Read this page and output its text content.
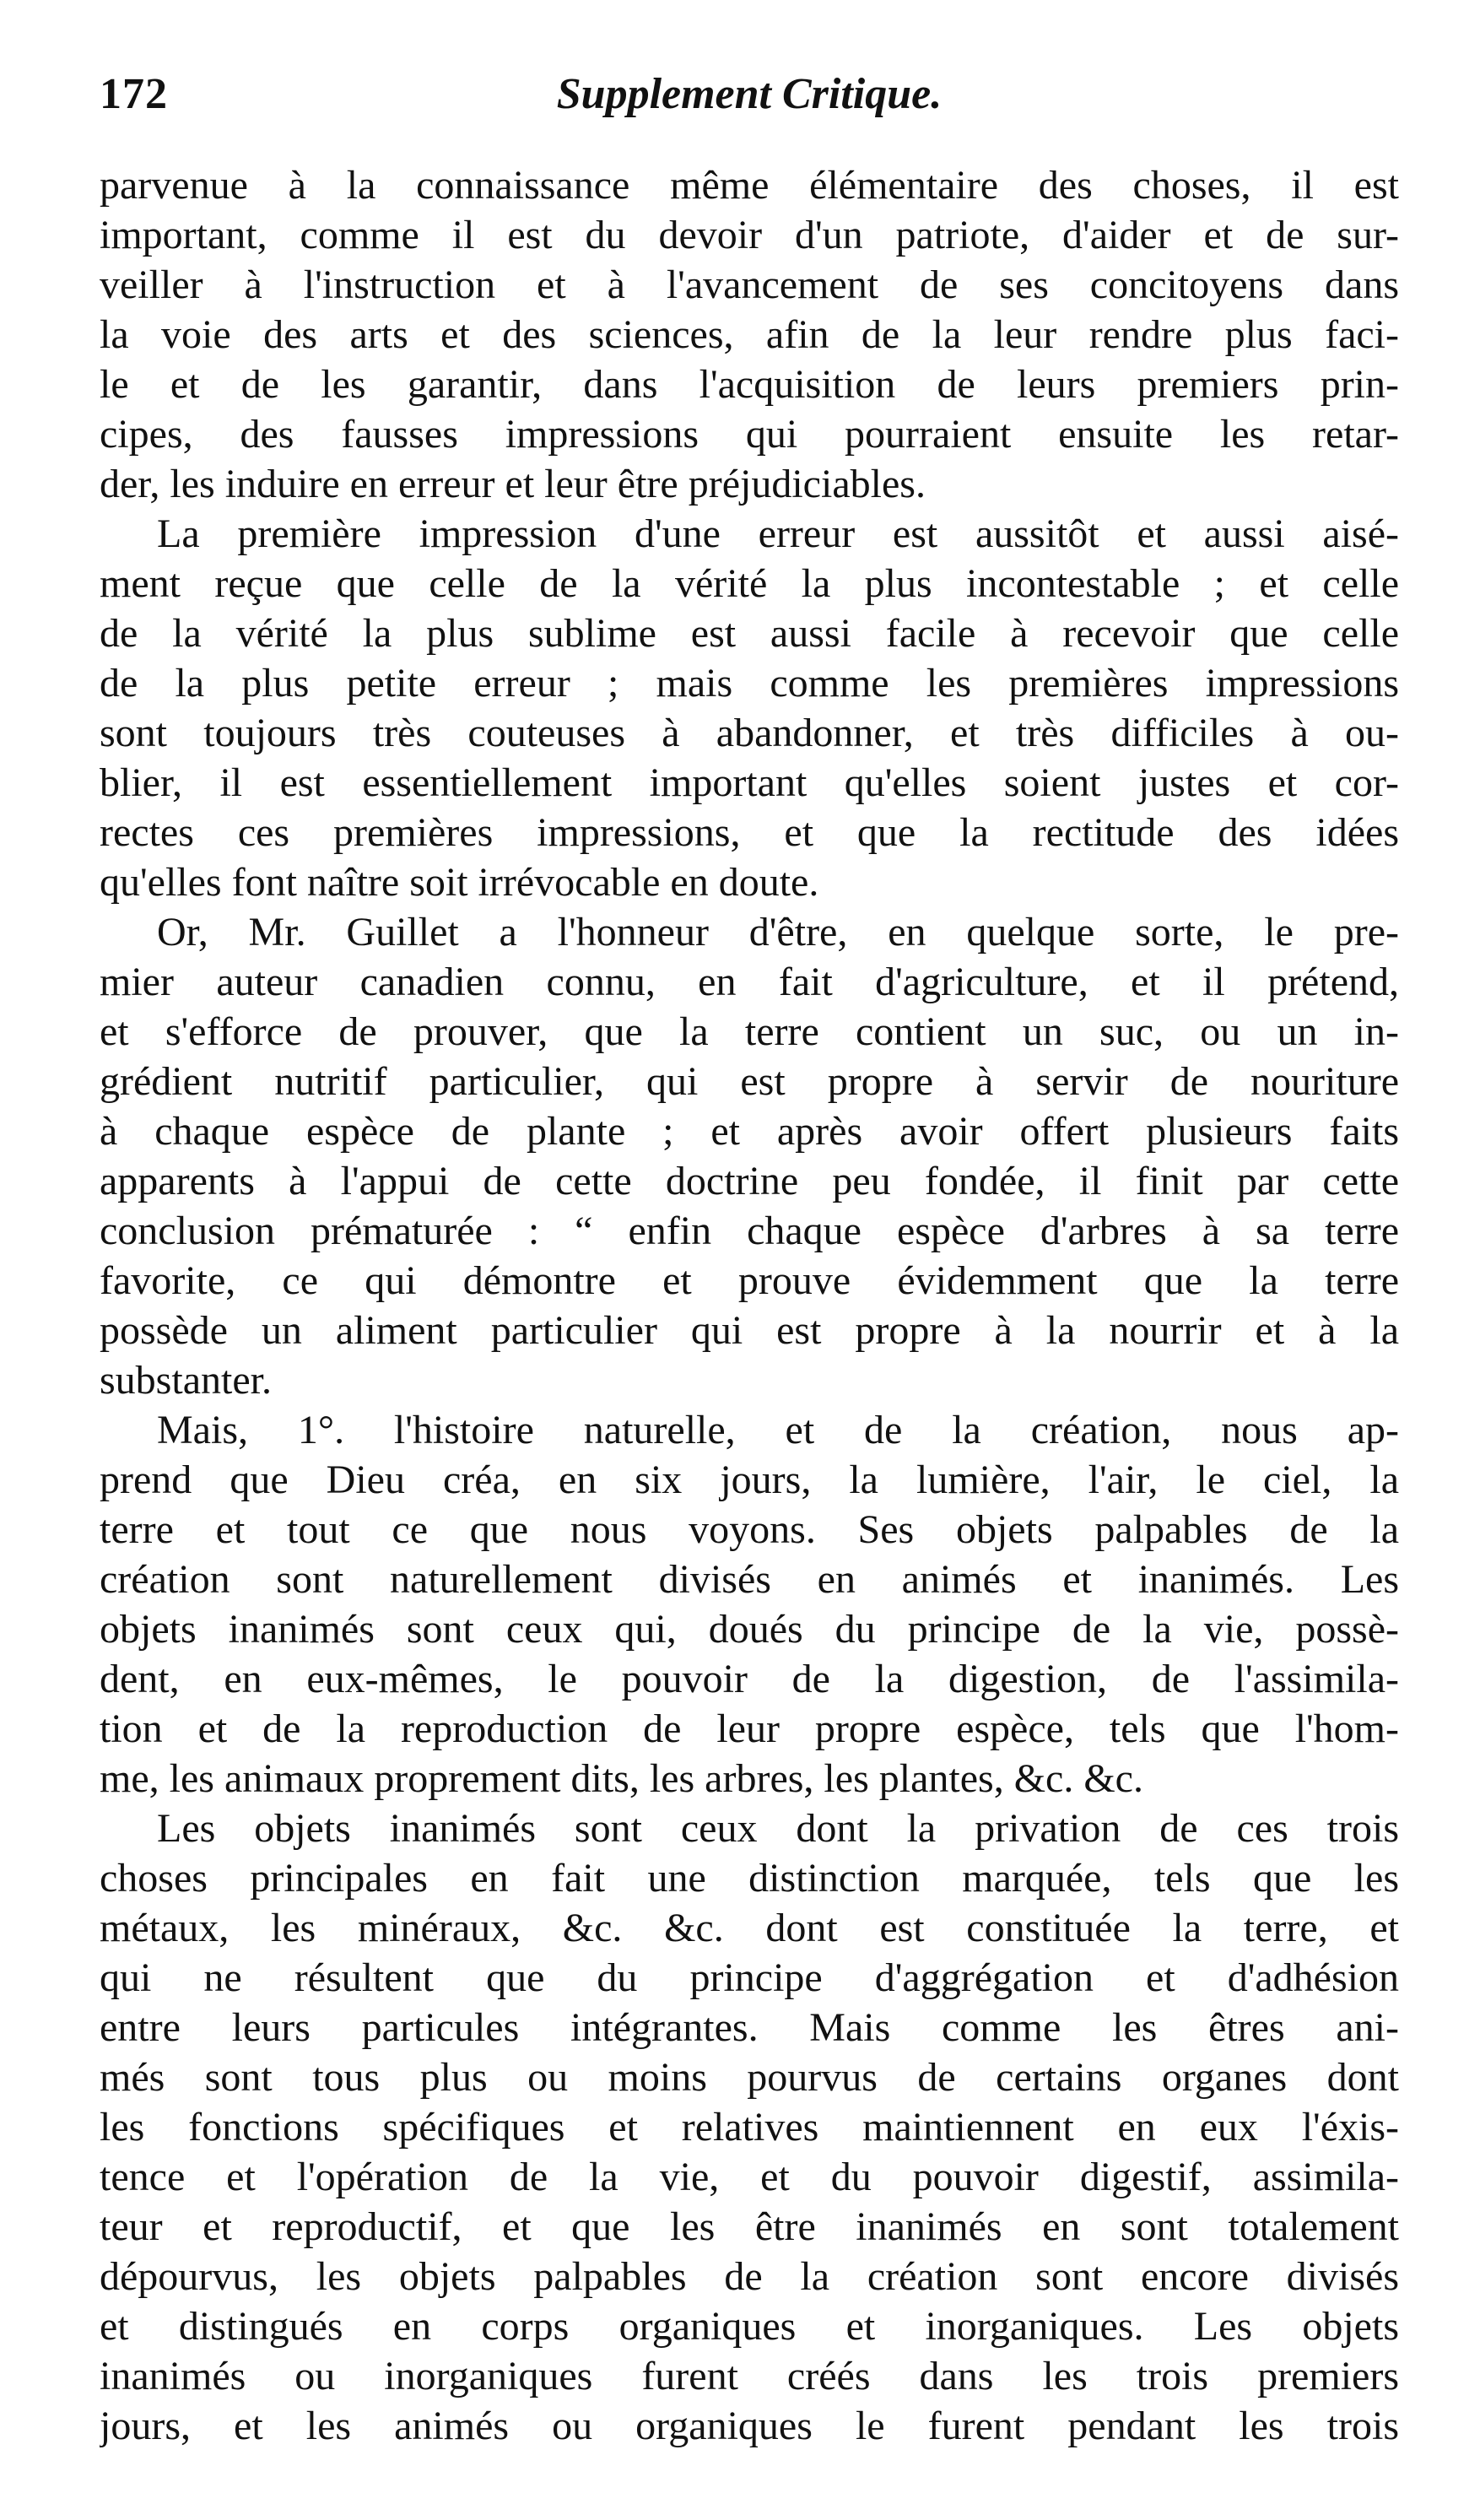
172	Supplement Critique.
parvenue à la connaissance même élémentaire des choses, il est
important, comme il est du devoir d'un patriote, d'aider et de sur-
veiller à l'instruction et à l'avancement de ses concitoyens dans
la voie des arts et des sciences, afin de la leur rendre plus faci-
le et de les garantir, dans l'acquisition de leurs premiers prin-
cipes, des fausses impressions qui pourraient ensuite les retar-
der, les induire en erreur et leur être préjudiciables.
La première impression d'une erreur est aussitôt et aussi aisé-
ment reçue que celle de la vérité la plus incontestable ; et celle
de la vérité la plus sublime est aussi facile à recevoir que celle
de la plus petite erreur ; mais comme les premières impressions
sont toujours très couteuses à abandonner, et très difficiles à ou-
blier, il est essentiellement important qu'elles soient justes et cor-
rectes ces premières impressions, et que la rectitude des idées
qu'elles font naître soit irrévocable en doute.
Or, Mr. Guillet a l'honneur d'être, en quelque sorte, le pre-
mier auteur canadien connu, en fait d'agriculture, et il prétend,
et s'efforce de prouver, que la terre contient un suc, ou un in-
grédient nutritif particulier, qui est propre à servir de nouriture
à chaque espèce de plante ; et après avoir offert plusieurs faits
apparents à l'appui de cette doctrine peu fondée, il finit par cette
conclusion prématurée : “ enfin chaque espèce d'arbres à sa terre
favorite, ce qui démontre et prouve évidemment que la terre
possède un aliment particulier qui est propre à la nourrir et à la
substanter.
Mais, 1°. l'histoire naturelle, et de la création, nous ap-
prend que Dieu créa, en six jours, la lumière, l'air, le ciel, la
terre et tout ce que nous voyons. Ses objets palpables de la
création sont naturellement divisés en animés et inanimés. Les
objets inanimés sont ceux qui, doués du principe de la vie, possè-
dent, en eux-mêmes, le pouvoir de la digestion, de l'assimila-
tion et de la reproduction de leur propre espèce, tels que l'hom-
me, les animaux proprement dits, les arbres, les plantes, &c. &c.
Les objets inanimés sont ceux dont la privation de ces trois
choses principales en fait une distinction marquée, tels que les
métaux, les minéraux, &c. &c. dont est constituée la terre, et
qui ne résultent que du principe d'aggrégation et d'adhésion
entre leurs particules intégrantes. Mais comme les êtres ani-
més sont tous plus ou moins pourvus de certains organes dont
les fonctions spécifiques et relatives maintiennent en eux l'éxis-
tence et l'opération de la vie, et du pouvoir digestif, assimila-
teur et reproductif, et que les être inanimés en sont totalement
dépourvus, les objets palpables de la création sont encore divisés
et distingués en corps organiques et inorganiques. Les objets
inanimés ou inorganiques furent créés dans les trois premiers
jours, et les animés ou organiques le furent pendant les trois
